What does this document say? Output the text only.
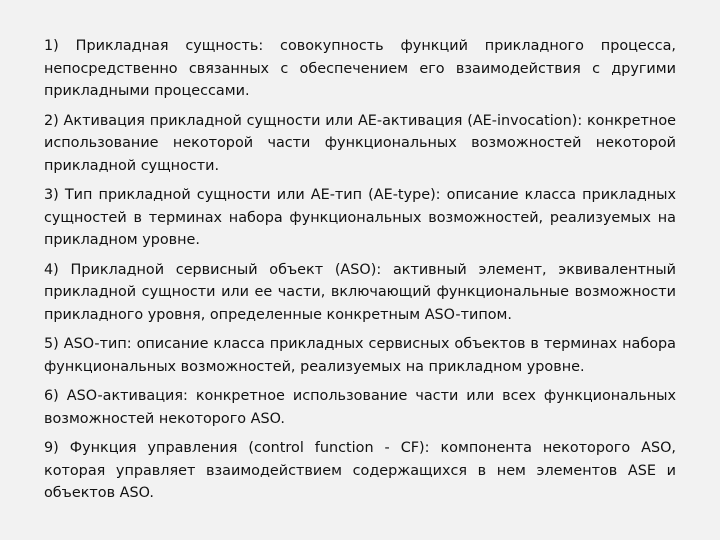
1) Прикладная сущность: совокупность функций прикладного процесса, непосредственно связанных с обеспечением его взаимодействия с другими прикладными процессами.

2) Активация прикладной сущности или АЕ-активация (АЕ-invocation): конкретное использование некоторой части функциональных возможностей некоторой прикладной сущности.

3) Тип прикладной сущности или АЕ-тип (АЕ-type): описание класса прикладных сущностей в терминах набора функциональных возможностей, реализуемых на прикладном уровне.

4) Прикладной сервисный объект (ASO): активный элемент, эквивалентный прикладной сущности или ее части, включающий функциональные возможности прикладного уровня, определенные конкретным ASO-типом.

5) ASO-тип: описание класса прикладных сервисных объектов в терминах набора функциональных возможностей, реализуемых на прикладном уровне.

6) ASO-активация: конкретное использование части или всех функциональных возможностей некоторого ASO.

9) Функция управления (control function - CF): компонента некоторого ASO, которая управляет взаимодействием содержащихся в нем элементов ASE и объектов ASO.
